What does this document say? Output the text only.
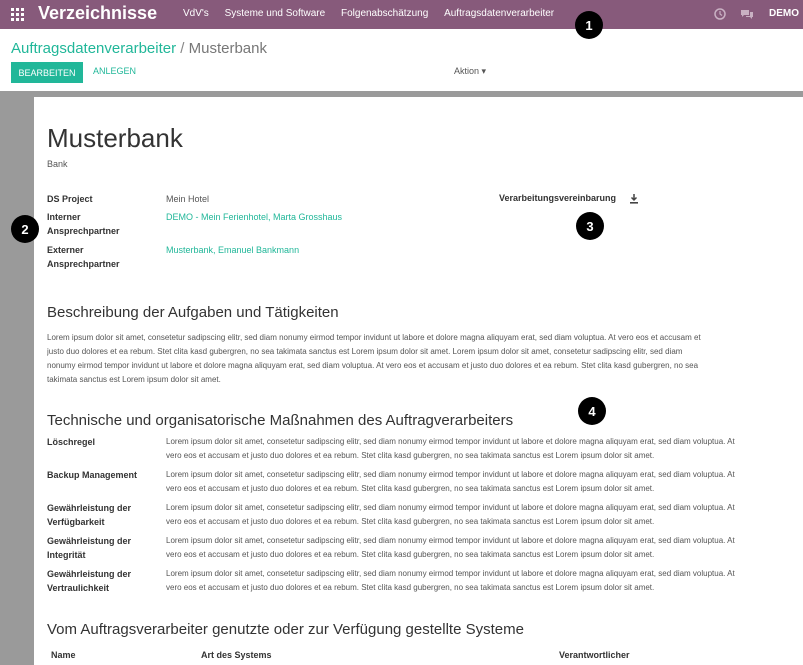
Verzeichnisse	VdV's Systeme und Software Folgenabschätzung Auftragsdatenverarbeiter	DEMO
1
2	3
4
Auftragsdatenverarbeiter / Musterbank
BEARBEITEN	ANLEGEN	Aktion ▾
Musterbank
Bank
DS Project	Mein Hotel
Interner Ansprechpartner
DEMO - Mein Ferienhotel, Marta Grosshaus
Externer Ansprechpartner
Musterbank, Emanuel Bankmann
Verarbeitungsvereinbarung
Beschreibung der Aufgaben und Tätigkeiten
Lorem ipsum dolor sit amet, consetetur sadipscing elitr, sed diam nonumy eirmod tempor invidunt ut labore et dolore magna aliquyam erat, sed diam voluptua. At vero eos et accusam et
justo duo dolores et ea rebum. Stet clita kasd gubergren, no sea takimata sanctus est Lorem ipsum dolor sit amet. Lorem ipsum dolor sit amet, consetetur sadipscing elitr, sed diam
nonumy eirmod tempor invidunt ut labore et dolore magna aliquyam erat, sed diam voluptua. At vero eos et accusam et justo duo dolores et ea rebum. Stet clita kasd gubergren, no sea
takimata sanctus est Lorem ipsum dolor sit amet.
Technische und organisatorische Maßnahmen des Auftragverarbeiters
Löschregel	Lorem ipsum dolor sit amet, consetetur sadipscing elitr, sed diam nonumy eirmod tempor invidunt ut labore et dolore magna aliquyam erat, sed diam voluptua. At
vero eos et accusam et justo duo dolores et ea rebum. Stet clita kasd gubergren, no sea takimata sanctus est Lorem ipsum dolor sit amet.
Backup Management	Lorem ipsum dolor sit amet, consetetur sadipscing elitr, sed diam nonumy eirmod tempor invidunt ut labore et dolore magna aliquyam erat, sed diam voluptua. At
vero eos et accusam et justo duo dolores et ea rebum. Stet clita kasd gubergren, no sea takimata sanctus est Lorem ipsum dolor sit amet.
Gewährleistung der Verfügbarkeit
Lorem ipsum dolor sit amet, consetetur sadipscing elitr, sed diam nonumy eirmod tempor invidunt ut labore et dolore magna aliquyam erat, sed diam voluptua. At
vero eos et accusam et justo duo dolores et ea rebum. Stet clita kasd gubergren, no sea takimata sanctus est Lorem ipsum dolor sit amet.
Gewährleistung der Integrität
Lorem ipsum dolor sit amet, consetetur sadipscing elitr, sed diam nonumy eirmod tempor invidunt ut labore et dolore magna aliquyam erat, sed diam voluptua. At
vero eos et accusam et justo duo dolores et ea rebum. Stet clita kasd gubergren, no sea takimata sanctus est Lorem ipsum dolor sit amet.
Gewährleistung der Vertraulichkeit
Lorem ipsum dolor sit amet, consetetur sadipscing elitr, sed diam nonumy eirmod tempor invidunt ut labore et dolore magna aliquyam erat, sed diam voluptua. At
vero eos et accusam et justo duo dolores et ea rebum. Stet clita kasd gubergren, no sea takimata sanctus est Lorem ipsum dolor sit amet.
Vom Auftragsverarbeiter genutzte oder zur Verfügung gestellte Systeme
Name	Art des Systems	Verantwortlicher
